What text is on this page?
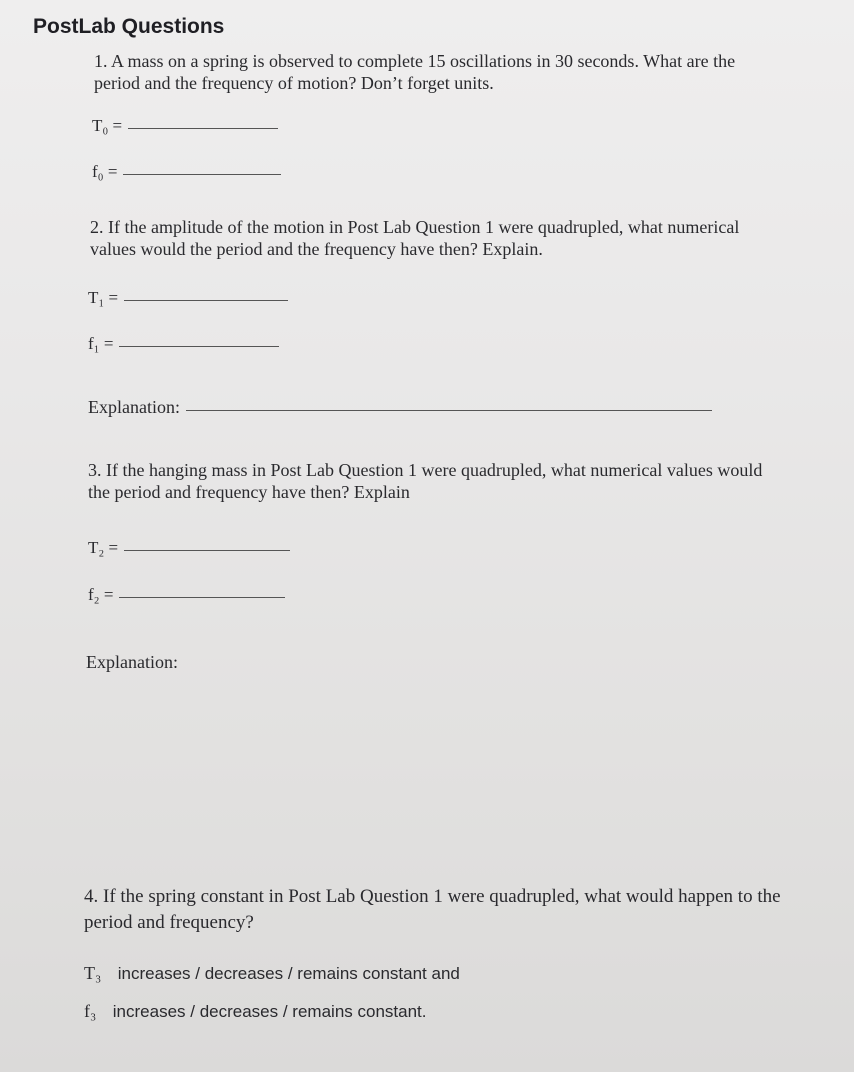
PostLab Questions
1. A mass on a spring is observed to complete 15 oscillations in 30 seconds. What are the period and the frequency of motion? Don’t forget units.
T₀ =
f₀ =
2. If the amplitude of the motion in Post Lab Question 1 were quadrupled, what numerical values would the period and the frequency have then? Explain.
T₁ =
f₁ =
Explanation:
3. If the hanging mass in Post Lab Question 1 were quadrupled, what numerical values would the period and frequency have then? Explain
T₂ =
f₂ =
Explanation:
4. If the spring constant in Post Lab Question 1 were quadrupled, what would happen to the period and frequency?
T₃ increases / decreases / remains constant and
f₃ increases / decreases / remains constant.
